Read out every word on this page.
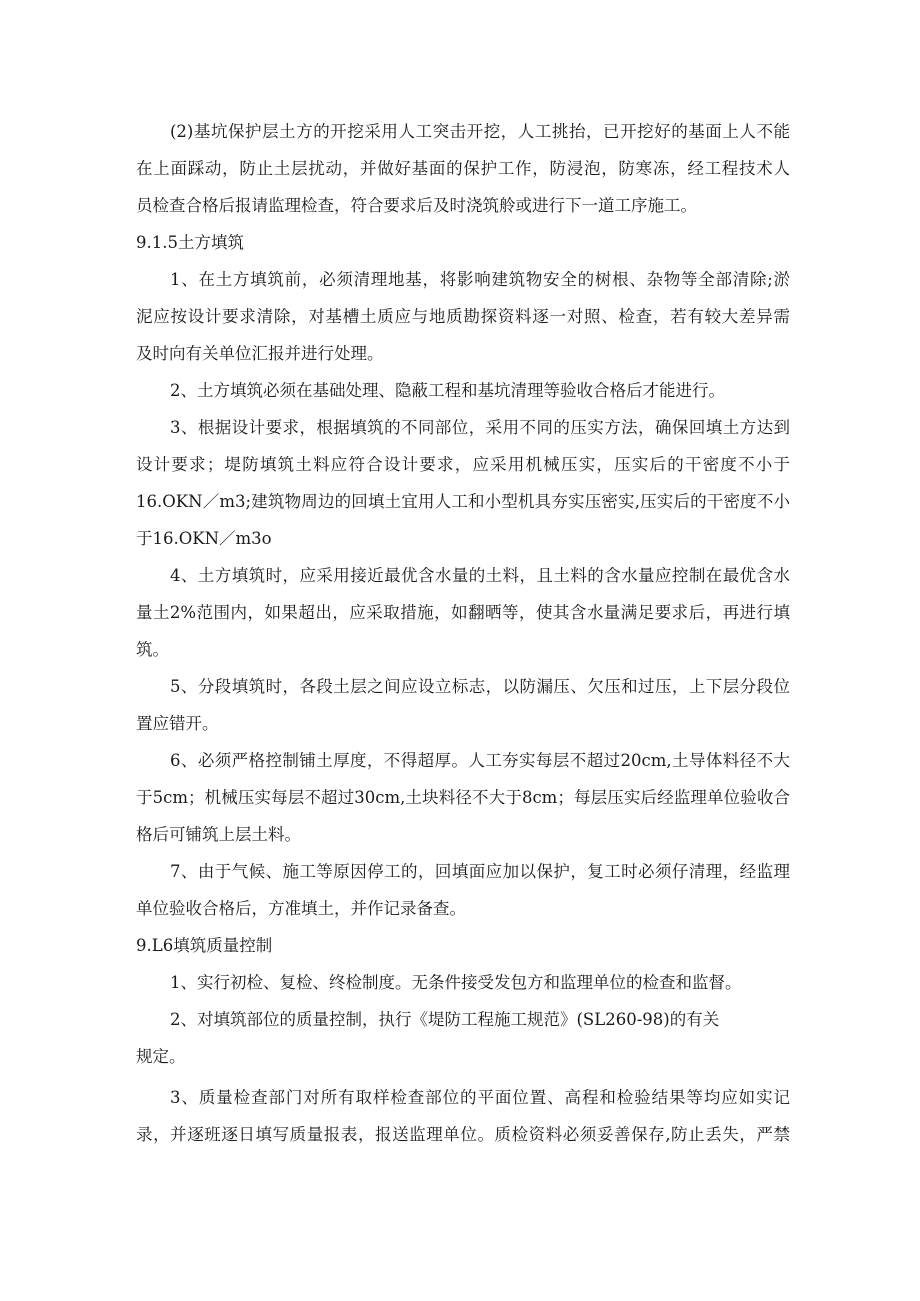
(2)基坑保护层土方的开挖采用人工突击开挖，人工挑抬，已开挖好的基面上人不能
在上面踩动，防止土层扰动，并做好基面的保护工作，防浸泡，防寒冻，经工程技术人
员检查合格后报请监理检查，符合要求后及时浇筑舲或进行下一道工序施工。
9.1.5土方填筑
1、在土方填筑前，必须清理地基，将影响建筑物安全的树根、杂物等全部清除;淤
泥应按设计要求清除，对基槽土质应与地质勘探资料逐一对照、检查，若有较大差异需
及时向有关单位汇报并进行处理。
2、土方填筑必须在基础处理、隐蔽工程和基坑清理等验收合格后才能进行。
3、根据设计要求，根据填筑的不同部位，采用不同的压实方法，确保回填土方达到
设计要求；堤防填筑土料应符合设计要求，应采用机械压实，压实后的干密度不小于
16.OKN／m3;建筑物周边的回填土宜用人工和小型机具夯实压密实,压实后的干密度不小
于16.OKN／m3o
4、土方填筑时，应采用接近最优含水量的土料，且土料的含水量应控制在最优含水
量土2%范围内，如果超出，应采取措施，如翻晒等，使其含水量满足要求后，再进行填
筑。
5、分段填筑时，各段土层之间应设立标志，以防漏压、欠压和过压，上下层分段位
置应错开。
6、必须严格控制铺土厚度，不得超厚。人工夯实每层不超过20cm,土导体料径不大
于5cm；机械压实每层不超过30cm,土块料径不大于8cm；每层压实后经监理单位验收合
格后可铺筑上层土料。
7、由于气候、施工等原因停工的，回填面应加以保护，复工时必须仔清理，经监理
单位验收合格后，方准填土，并作记录备查。
9.L6填筑质量控制
1、实行初检、复检、终检制度。无条件接受发包方和监理单位的检查和监督。
2、对填筑部位的质量控制，执行《堤防工程施工规范》(SL260-98)的有关
规定。
3、质量检查部门对所有取样检查部位的平面位置、高程和检验结果等均应如实记
录，并逐班逐日填写质量报表，报送监理单位。质检资料必须妥善保存,防止丢失，严禁
